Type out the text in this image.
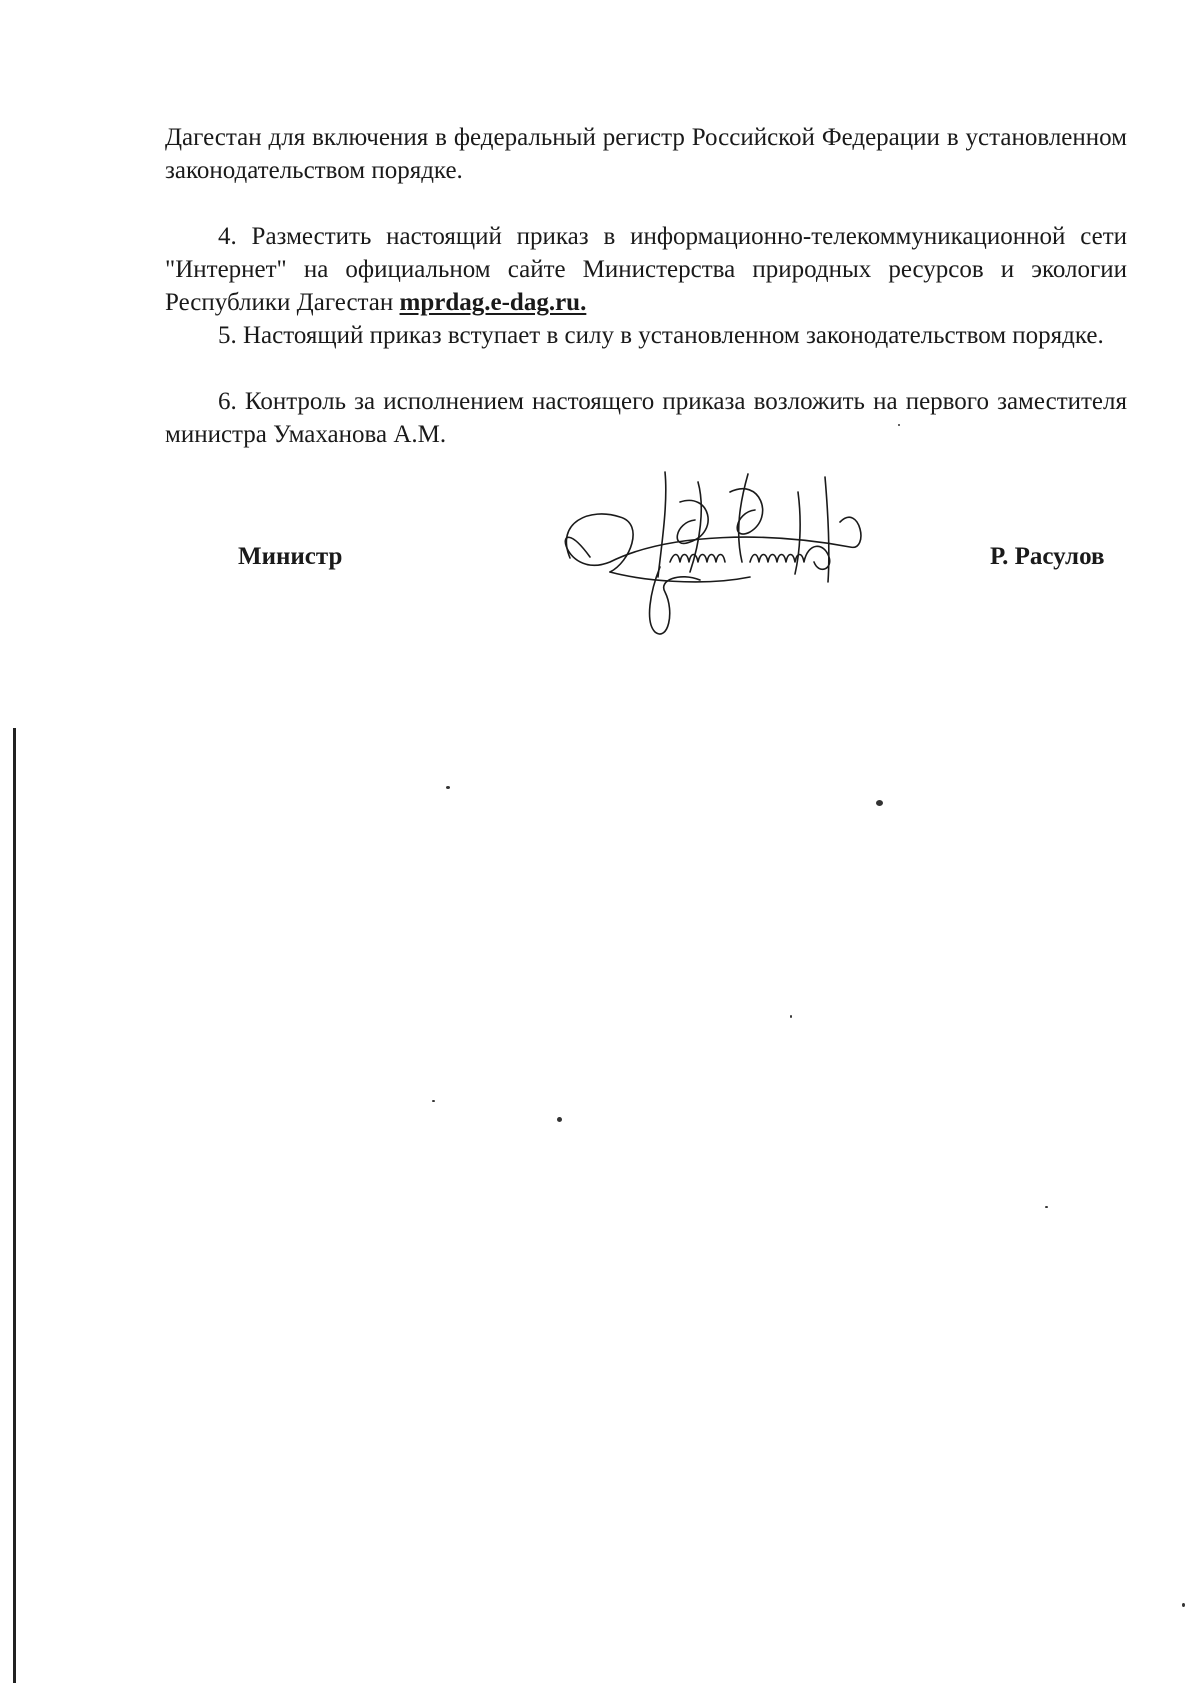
Дагестан для включения в федеральный регистр Российской Федерации в установленном законодательством порядке.

4. Разместить настоящий приказ в информационно-телекоммуникационной сети "Интернет" на официальном сайте Министерства природных ресурсов и экологии Республики Дагестан mprdag.e-dag.ru.

5. Настоящий приказ вступает в силу в установленном законодательством порядке.

6. Контроль за исполнением настоящего приказа возложить на первого заместителя министра Умаханова А.М.

Министр	Р. Расулов
